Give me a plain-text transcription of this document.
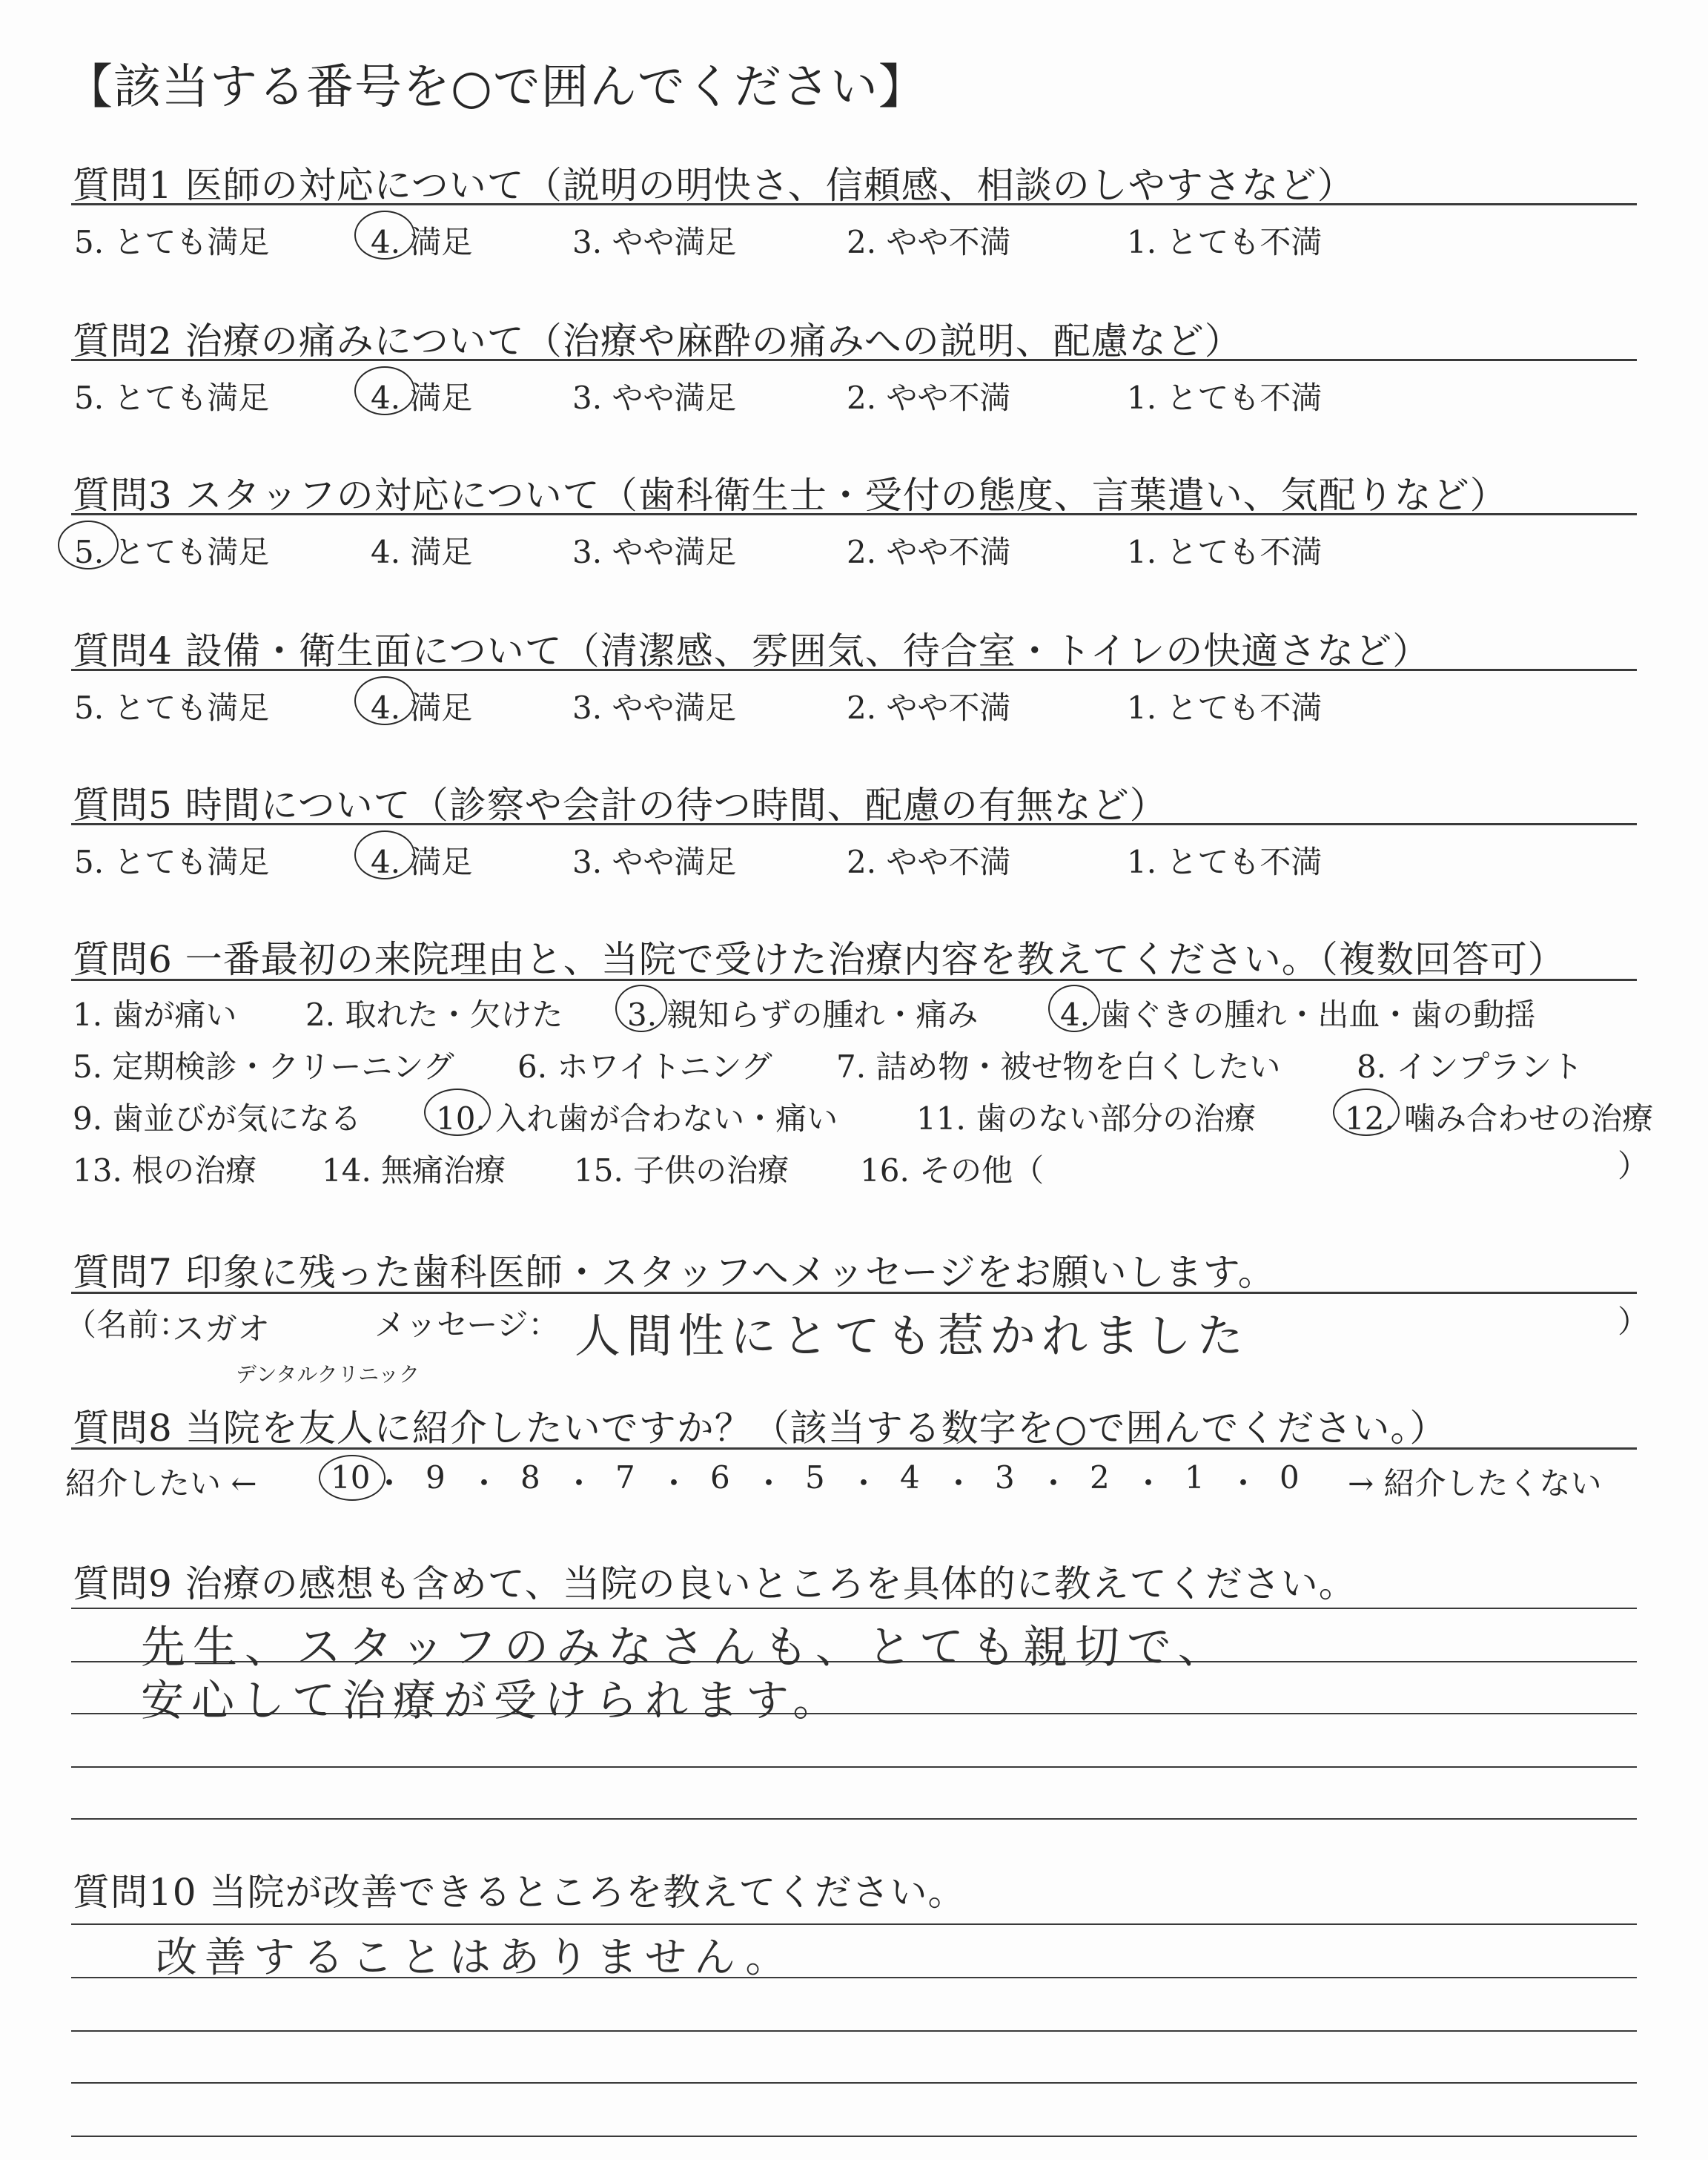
【該当する番号を○で囲んでください】
質問1 医師の対応について（説明の明快さ、信頼感、相談のしやすさなど）
5. とても満足	4. 満足	3. やや満足	2. やや不満	1. とても不満
質問2 治療の痛みについて（治療や麻酔の痛みへの説明、配慮など）
5. とても満足	4. 満足	3. やや満足	2. やや不満	1. とても不満
質問3 スタッフの対応について（歯科衛生士・受付の態度、言葉遣い、気配りなど）
5. とても満足	4. 満足	3. やや満足	2. やや不満	1. とても不満
質問4 設備・衛生面について（清潔感、雰囲気、待合室・トイレの快適さなど）
5. とても満足	4. 満足	3. やや満足	2. やや不満	1. とても不満
質問5 時間について（診察や会計の待つ時間、配慮の有無など）
5. とても満足	4. 満足	3. やや満足	2. やや不満	1. とても不満
質問6 一番最初の来院理由と、当院で受けた治療内容を教えてください。（複数回答可）
1. 歯が痛い 2. 取れた・欠けた 3. 親知らずの腫れ・痛み	4. 歯ぐきの腫れ・出血・歯の動揺
5. 定期検診・クリーニング 6. ホワイトニング 7. 詰め物・被せ物を白くしたい 8. インプラント
9. 歯並びが気になる 10. 入れ歯が合わない・痛い	11. 歯のない部分の治療	12. 噛み合わせの治療
13. 根の治療 14. 無痛治療 15. 子供の治療 16. その他（	）
質問7 印象に残った歯科医師・スタッフへメッセージをお願いします。
（名前：
スガオ
デンタルクリニック
メッセージ： 人間性にとても惹かれました	）
質問8 当院を友人に紹介したいですか？（該当する数字を○で囲んでください。）
紹介したい ← 10 ・ 9 ・ 8 ・ 7 ・ 6 ・ 5 ・ 4 ・ 3 ・ 2 ・ 1 ・ 0 → 紹介したくない
質問9 治療の感想も含めて、当院の良いところを具体的に教えてください。
先生、スタッフのみなさんも、とても親切で、
安心して治療が受けられます。
質問10 当院が改善できるところを教えてください。
改善することはありません。
